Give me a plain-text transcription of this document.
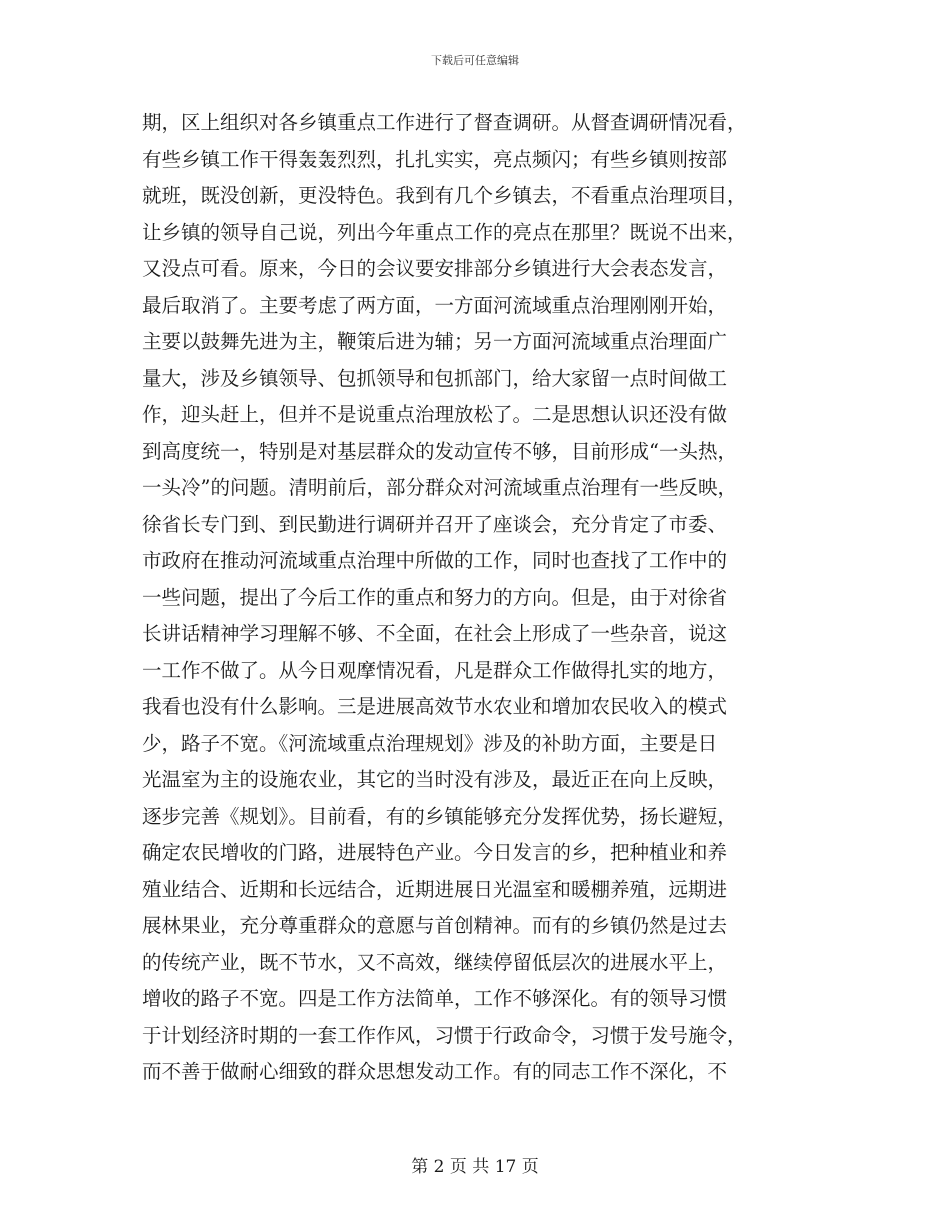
下载后可任意编辑
期，区上组织对各乡镇重点工作进行了督查调研。从督查调研情况看，
有些乡镇工作干得轰轰烈烈，扎扎实实，亮点频闪；有些乡镇则按部
就班，既没创新，更没特色。我到有几个乡镇去，不看重点治理项目，
让乡镇的领导自己说，列出今年重点工作的亮点在那里？既说不出来，
又没点可看。原来，今日的会议要安排部分乡镇进行大会表态发言，
最后取消了。主要考虑了两方面，一方面河流域重点治理刚刚开始，
主要以鼓舞先进为主，鞭策后进为辅；另一方面河流域重点治理面广
量大，涉及乡镇领导、包抓领导和包抓部门，给大家留一点时间做工
作，迎头赶上，但并不是说重点治理放松了。二是思想认识还没有做
到高度统一，特别是对基层群众的发动宣传不够，目前形成“一头热，
一头冷”的问题。清明前后，部分群众对河流域重点治理有一些反映，
徐省长专门到、到民勤进行调研并召开了座谈会，充分肯定了市委、
市政府在推动河流域重点治理中所做的工作，同时也查找了工作中的
一些问题，提出了今后工作的重点和努力的方向。但是，由于对徐省
长讲话精神学习理解不够、不全面，在社会上形成了一些杂音，说这
一工作不做了。从今日观摩情况看，凡是群众工作做得扎实的地方，
我看也没有什么影响。三是进展高效节水农业和增加农民收入的模式
少，路子不宽。《河流域重点治理规划》涉及的补助方面，主要是日
光温室为主的设施农业，其它的当时没有涉及，最近正在向上反映，
逐步完善《规划》。目前看，有的乡镇能够充分发挥优势，扬长避短，
确定农民增收的门路，进展特色产业。今日发言的乡，把种植业和养
殖业结合、近期和长远结合，近期进展日光温室和暖棚养殖，远期进
展林果业，充分尊重群众的意愿与首创精神。而有的乡镇仍然是过去
的传统产业，既不节水，又不高效，继续停留低层次的进展水平上，
增收的路子不宽。四是工作方法简单，工作不够深化。有的领导习惯
于计划经济时期的一套工作作风，习惯于行政命令，习惯于发号施令，
而不善于做耐心细致的群众思想发动工作。有的同志工作不深化，不
第 2 页 共 17 页
